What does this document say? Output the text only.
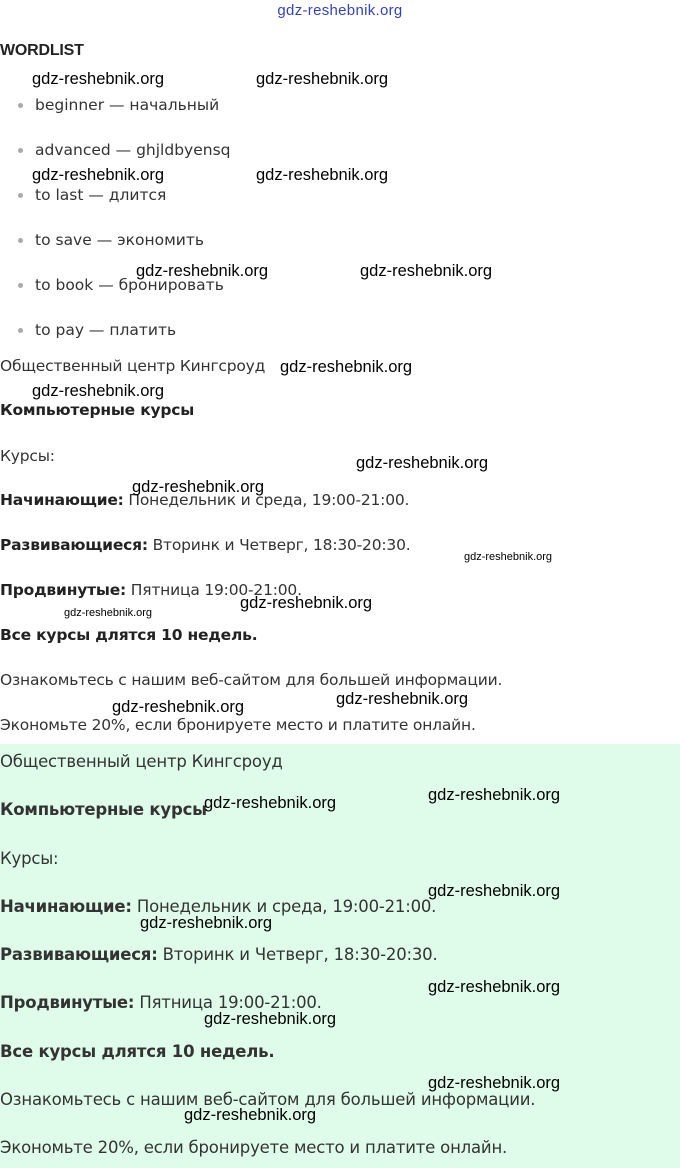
gdz-reshebnik.org
WORDLIST
beginner — начальный
advanced — ghjldbyensq
to last — длится
to save — экономить
to book — бронировать
to pay — платить
Общественный центр Кингсроуд
Компьютерные курсы
Курсы:
Начинающие: Понедельник и среда, 19:00-21:00.
Развивающиеся: Вторинк и Четверг, 18:30-20:30.
Продвинутые: Пятница 19:00-21:00.
Все курсы длятся 10 недель.
Ознакомьтесь с нашим веб-сайтом для большей информации.
Экономьте 20%, если бронируете место и платите онлайн.
Общественный центр Кингсроуд
Компьютерные курсы
Курсы:
Начинающие: Понедельник и среда, 19:00-21:00.
Развивающиеся: Вторинк и Четверг, 18:30-20:30.
Продвинутые: Пятница 19:00-21:00.
Все курсы длятся 10 недель.
Ознакомьтесь с нашим веб-сайтом для большей информации.
Экономьте 20%, если бронируете место и платите онлайн.
gdz-reshebnik.org	gdz-reshebnik.org
gdz-reshebnik.org	gdz-reshebnik.org
gdz-reshebnik.org	gdz-reshebnik.org
gdz-reshebnik.org
gdz-reshebnik.org
gdz-reshebnik.org
gdz-reshebnik.org
gdz-reshebnik.org
gdz-reshebnik.org
gdz-reshebnik.org
gdz-reshebnik.org
gdz-reshebnik.org
gdz-reshebnik.org
gdz-reshebnik.org
gdz-reshebnik.org
gdz-reshebnik.org
gdz-reshebnik.org
gdz-reshebnik.org
gdz-reshebnik.org
gdz-reshebnik.org
